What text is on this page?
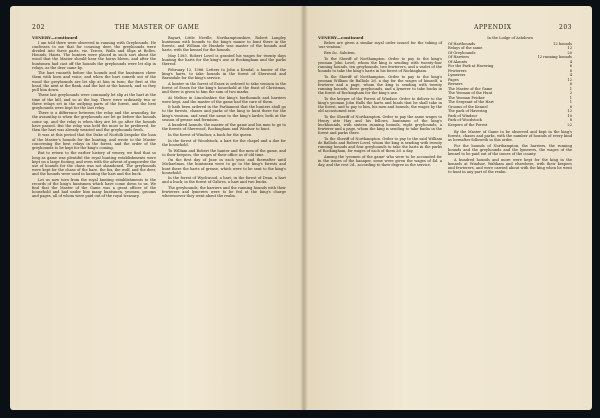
202	THE MASTER OF GAME

VENERY—continued

I am told there were observed in running with Greyhounds. He confesses to me that for coursing deer, the greyhounds were divided into three parts, viz. Terces, Walls and Slips at Bolles, Hounds, Hairis. The hunters were placed in such sort about the wood that the Master should hear the horns blown, and after the huntsmen had cast off the hounds the greyhounds were let slip in relays, as the deer came by.

The hart runneth before the hounds and the huntsmen cheer them with horn and voice; and when the hart cometh out of the wood the greyhounds are let slip at him in turn; the first at the head, the next at the flank, and the last at the haunch, and so they pull him down.

These last greyhounds were commonly let slip at the hart at the time of the kill, and so at the bay. There were ordinarily two or three relays set in the outlying parts of the forest, and the best greyhounds were kept for the last relay.

There is a difference between the relay and the avauntlay, for the avauntlay is when the greyhounds are let go before the hounds come up, and the relay is when they are let go after the hounds have passed. But the relay was held the most to be preferred, for then the hart was already wearied and the greyhounds fresh.

It was at this period that the Duke of Norfolk bespoke the loan of the Master's hounds for the hunting, and wrote to the Master concerning the best relays in the forest, and the order of the greyhounds to be kept for the king's coming.

But to return to the earlier history of venery, we find that so long as game was plentiful the royal hunting establishments were kept on a large footing, and even with the advent of gunpowder the use of hounds for the chase was not abandoned. The greyhounds were kept for the chase of the hare, the fox, the wolf, and the deer, and the hounds were used in hunting the hart and the buck.

Let us now turn from the royal hunting establishments to the records of the king's huntsmen which have come down to us. We find that the Master of the Game was a great officer of the household and had under him many huntsmen, yeomen, grooms and pages, all of whom were paid out of the royal treasury.

Bayart, Little Neville, Northamptonshire, Robert Langley huntsman with hounds to the king's manor to hunt there in the forests, and William de Hunkele was master of the hounds and harts, with the kennel for the hounds.

May 1385. Robert Lovel is granted his wages for twenty days hunting the harts for the king's use at Rockingham and the parks thereof.

February 12, 1386. Letters to John a Kendal, a hunter of the king's harts, to take hounds in the forest of Sherwood and Barnsdale for the king's service.

A hunter in the forest of Essex is ordered to take venison in the forest of Essex for the king's household at the feast of Christmas, and there is given to him the sum of two marks.

At Melton in Lincolnshire the king's harthounds and harriers were kept, and the master of the game had the care of them.

It hath been ordered in the Parliament that the hunters shall go to the forests, chases and parks of the king to hunt there for the king's venison, and send the same to the king's larder, both at the season of grease and fermison.

A hundred hounds, the master of the game and his men to go to the forests of Sherwood, Rockingham and Windsor to hunt.

In the forest of Windsor, a buck for the queen.

In the forest of Woodstock, a hart for the chapel and a doe for the household.

To William and Robert the hunter and the men of the game, and to their keepers, the wages of their office as of old time.

On the first day of June in each year, and thereafter until Michaelmas, the huntsmen were to go to the king's forests and hunt there the harts of grease, which were to be sent to the king's household.

In the forest of Wychwood, a hart; in the forest of Dean, a hart and a buck; in the forest of Galtres, a hart and two bucks.

The greyhounds, the harriers and the running hounds with their fewterers and lymerers were to be fed at the king's charge wheresoever they went about the realm.

APPENDIX	203

VENERY—continued

Below are given a similar royal order issued for the taking of 'our venison.'

Rex &c. Salutem.

To the Sheriff of Northampton. Order to pay to the king's yeoman John Lovel, whom the king is sending with twenty-four running hounds, ten greyhounds, two fewterers, and a varlet of the hounds to take the king's harts in his forest of Rockingham.

To the Sheriff of Northampton. Order to pay to the king's yeoman William de Balliolo 2d. a day for the wages of himself, a fewterer and a page, whom the king is sending with twenty running hounds, three greyhounds, and a lymerer to take bucks in the forest of Rockingham for the king's use.

To the keeper of the Forest of Windsor. Order to deliver to the king's yeoman John Halls the harts and hinds that he shall take in the forest, and to pay to him, his men and hounds, the wages by the old accustomed rate.

To the Sheriff of Northampton. Order to pay the same wages to Henry atte Hay and his fellows, huntsmen of the king's buckhounds, with sixteen running hounds, eight greyhounds, a fewterer and a page, whom the king is sending to take bucks in the forest and parks there.

To the Sheriff of Northampton. Order to pay to the said William de Balliolo and Robert Lovel, whom the king is sending with twenty running hounds and four greyhounds to take the harts in the parks of Rockingham, for wages of each of them 2d. a day.

Among the 'yeomen of the game' who were to be accounted for in the issues of the hanaper, some were given the wages of 4d. a day, and the rest 2d., according to their degree in the service.

In the Lodge of Ashdown
Of Harthounds	12 hounds
Relays of the same	12
Of Greyhounds	20
Of Harriers	12 running hounds
Of Alaunts	4
For the Park at Havering	6
Fewterers	8
Lymerers	4
Pages	12
Berners	6
The Master of the Game	1
The Yeoman of the Hunt	2
The Yeoman Pricker	1
The Sergeant of the Hart	1
Grooms of the Kennel	6
The park of Havering	12
Park of Windsor	10
Park of Woodstock	8
Keepers of the Forest	22

By the Master of Game to be observed and kept in the king's forests, chases and parks, with the number of hounds of every kind as hereafter followeth in this order.

For the hounds of Northampton, the harriers, the running hounds and the greyhounds and the lymerers, the wages of the kennel to be paid out of the issues of the county.

A hundred hounds and more were kept for the king in the kennels at Windsor, Waltham and elsewhere, with their keepers and fewterers, and were carried about with the king when he went to hunt in any part of the realm.
